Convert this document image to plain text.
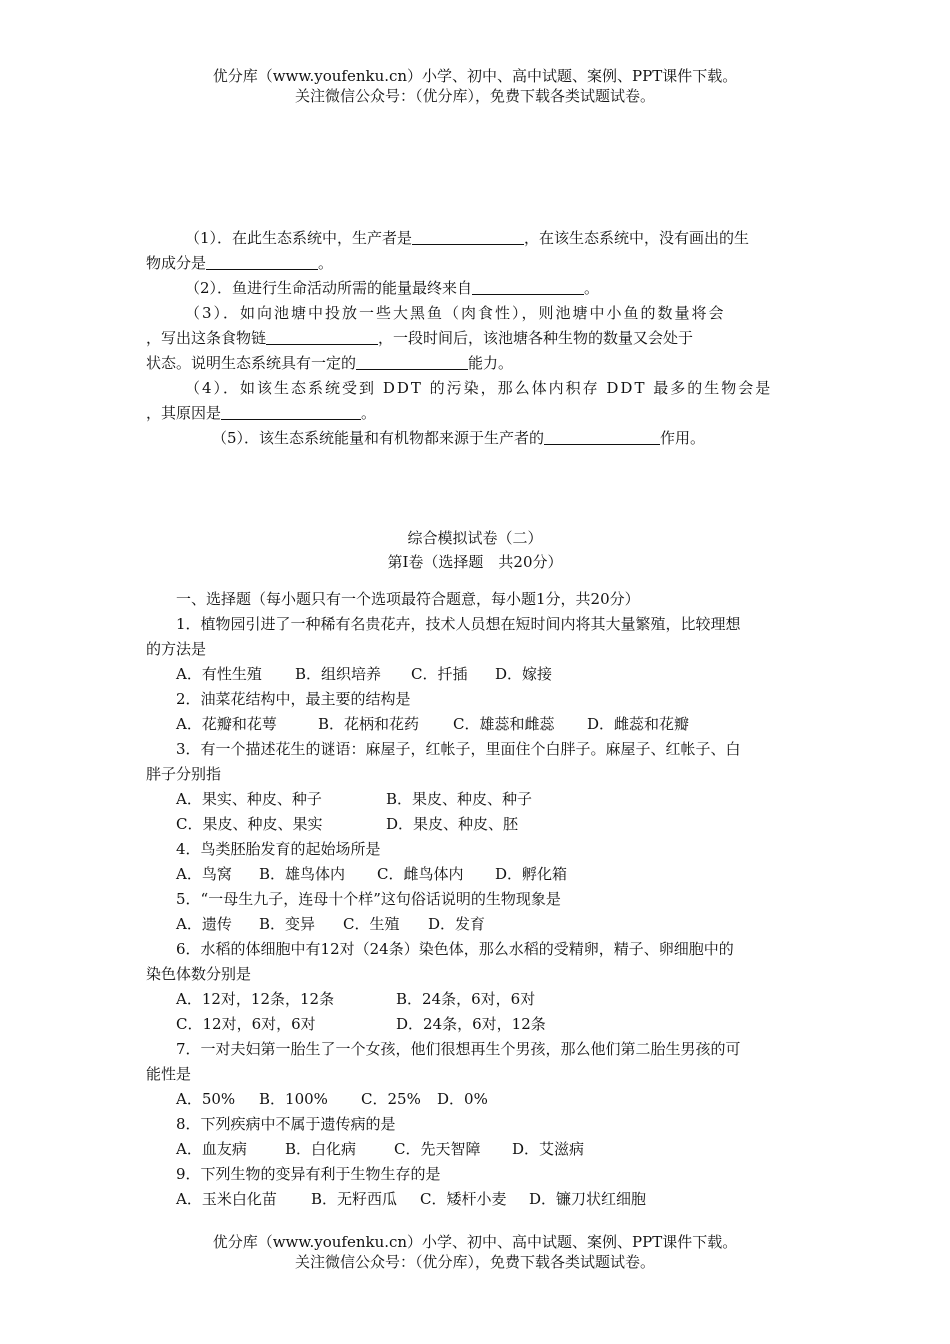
优分库（www.youfenku.cn）小学、初中、高中试题、案例、PPT课件下载。
关注微信公众号：（优分库），免费下载各类试题试卷。
（1）．在此生态系统中，生产者是	，在该生态系统中，没有画出的生
物成分是	。
（2）．鱼进行生命活动所需的能量最终来自	。
（3）．如向池塘中投放一些大黑鱼（肉食性），则池塘中小鱼的数量将会
，写出这条食物链	，一段时间后，该池塘各种生物的数量又会处于
状态。说明生态系统具有一定的	能力。
（4）．如该生态系统受到 DDT 的污染，那么体内积存 DDT 最多的生物会是
，其原因是	。
（5）．该生态系统能量和有机物都来源于生产者的	作用。
综合模拟试卷（二）
第Ⅰ卷（选择题　共20分）
一、选择题（每小题只有一个选项最符合题意，每小题1分，共20分）
1．植物园引进了一种稀有名贵花卉，技术人员想在短时间内将其大量繁殖，比较理想
的方法是
A．有性生殖 B．组织培养 C．扦插 D．嫁接
2．油菜花结构中，最主要的结构是
A．花瓣和花萼	B．花柄和花药 C．雄蕊和雌蕊 D．雌蕊和花瓣
3．有一个描述花生的谜语：麻屋子，红帐子，里面住个白胖子。麻屋子、红帐子、白
胖子分别指
A．果实、种皮、种子	B．果皮、种皮、种子
C．果皮、种皮、果实	D．果皮、种皮、胚
4．鸟类胚胎发育的起始场所是
A．鸟窝 B．雄鸟体内 C．雌鸟体内 D．孵化箱
5．“一母生九子，连母十个样”这句俗话说明的生物现象是
A．遗传 B．变异 C．生殖 D．发育
6．水稻的体细胞中有12对（24条）染色体，那么水稻的受精卵，精子、卵细胞中的
染色体数分别是
A．12对，12条，12条	B．24条，6对，6对
C．12对，6对，6对	D．24条，6对，12条
7．一对夫妇第一胎生了一个女孩，他们很想再生个男孩，那么他们第二胎生男孩的可
能性是
A．50% B．100% C．25% D．0%
8．下列疾病中不属于遗传病的是
A．血友病	B．白化病	C．先天智障 D．艾滋病
9．下列生物的变异有利于生物生存的是
A．玉米白化苗 B．无籽西瓜 C．矮杆小麦 D．镰刀状红细胞
优分库（www.youfenku.cn）小学、初中、高中试题、案例、PPT课件下载。
关注微信公众号：（优分库），免费下载各类试题试卷。
